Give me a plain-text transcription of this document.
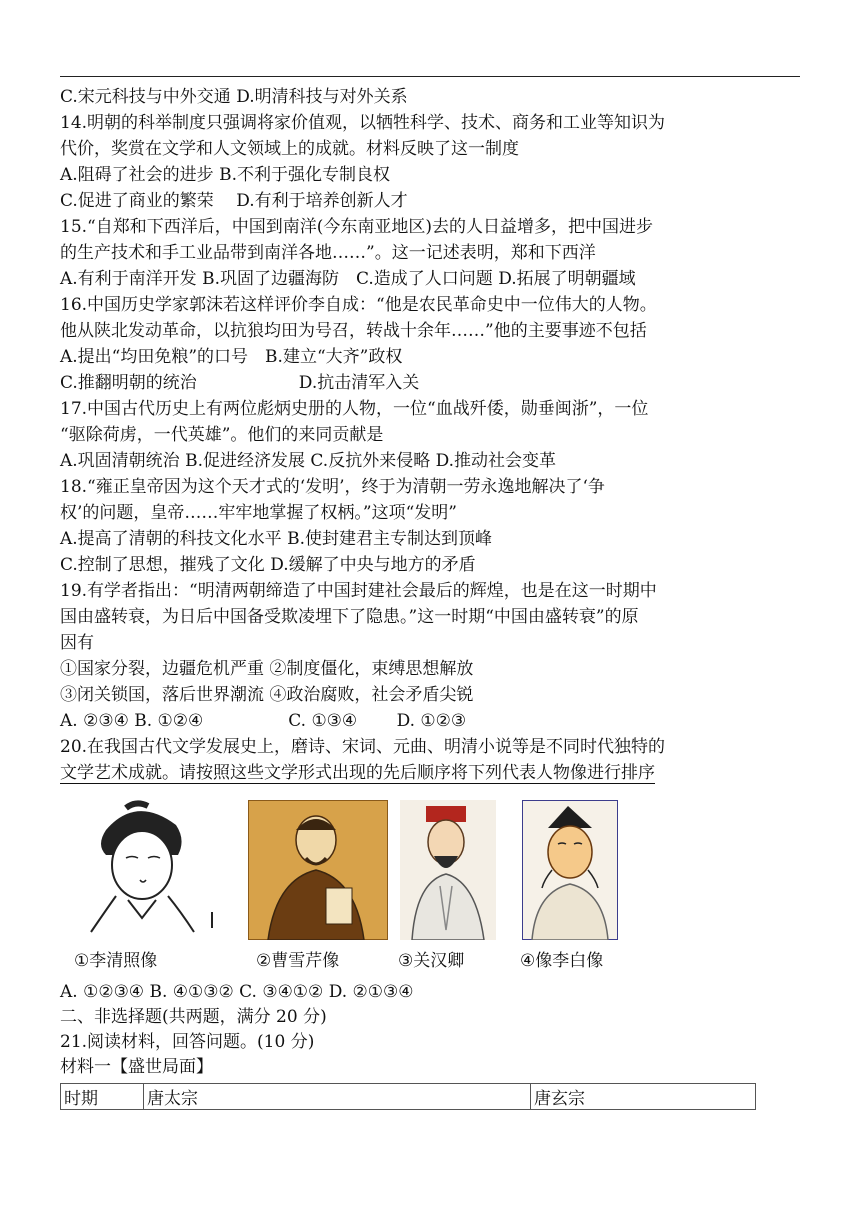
C.宋元科技与中外交通 D.明清科技与对外关系
14.明朝的科举制度只强调将家价值观，以牺牲科学、技术、商务和工业等知识为
代价，奖赏在文学和人文领域上的成就。材料反映了这一制度
A.阻碍了社会的进步 B.不利于强化专制良权
C.促进了商业的繁荣　 D.有利于培养创新人才
15.“自郑和下西洋后，中国到南洋(今东南亚地区)去的人日益增多，把中国进步
的生产技术和手工业品带到南洋各地……”。这一记述表明，郑和下西洋
A.有利于南洋开发 B.巩固了边疆海防　C.造成了人口问题 D.拓展了明朝疆域
16.中国历史学家郭沫若这样评价李自成：“他是农民革命史中一位伟大的人物。
他从陕北发动革命，以抗狼均田为号召，转战十余年……”他的主要事迹不包括
A.提出“均田免粮”的口号　B.建立“大齐”政权
C.推翻明朝的统治　　　　　　D.抗击清军入关
17.中国古代历史上有两位彪炳史册的人物，一位“血战歼倭，勋垂闽浙”，一位
“驱除荷虏，一代英雄”。他们的来同贡献是
A.巩固清朝统治 B.促进经济发展 C.反抗外来侵略 D.推动社会变革
18.“雍正皇帝因为这个天才式的‘发明’，终于为清朝一劳永逸地解决了‘争
权’的问题，皇帝……牢牢地掌握了权柄。”这项“发明”
A.提高了清朝的科技文化水平 B.使封建君主专制达到顶峰
C.控制了思想，摧残了文化 D.缓解了中央与地方的矛盾
19.有学者指出：“明清两朝缔造了中国封建社会最后的辉煌，也是在这一时期中
国由盛转衰，为日后中国备受欺凌埋下了隐患。”这一时期“中国由盛转衰”的原
因有
①国家分裂，边疆危机严重 ②制度僵化，束缚思想解放
③闭关锁国，落后世界潮流 ④政治腐败，社会矛盾尖锐
A. ②③④ B. ①②④　　　　　C. ①③④　　 D. ①②③
20.在我国古代文学发展史上，磨诗、宋词、元曲、明清小说等是不同时代独特的
文学艺术成就。请按照这些文学形式出现的先后顺序将下列代表人物像进行排序
①李清照像	②曹雪芹像	③关汉卿	④像李白像
A. ①②③④ B. ④①③② C. ③④①② D. ②①③④
二、非选择题(共两题，满分 20 分)
21.阅读材料，回答问题。(10 分)
材料一【盛世局面】
时期	唐太宗	唐玄宗
